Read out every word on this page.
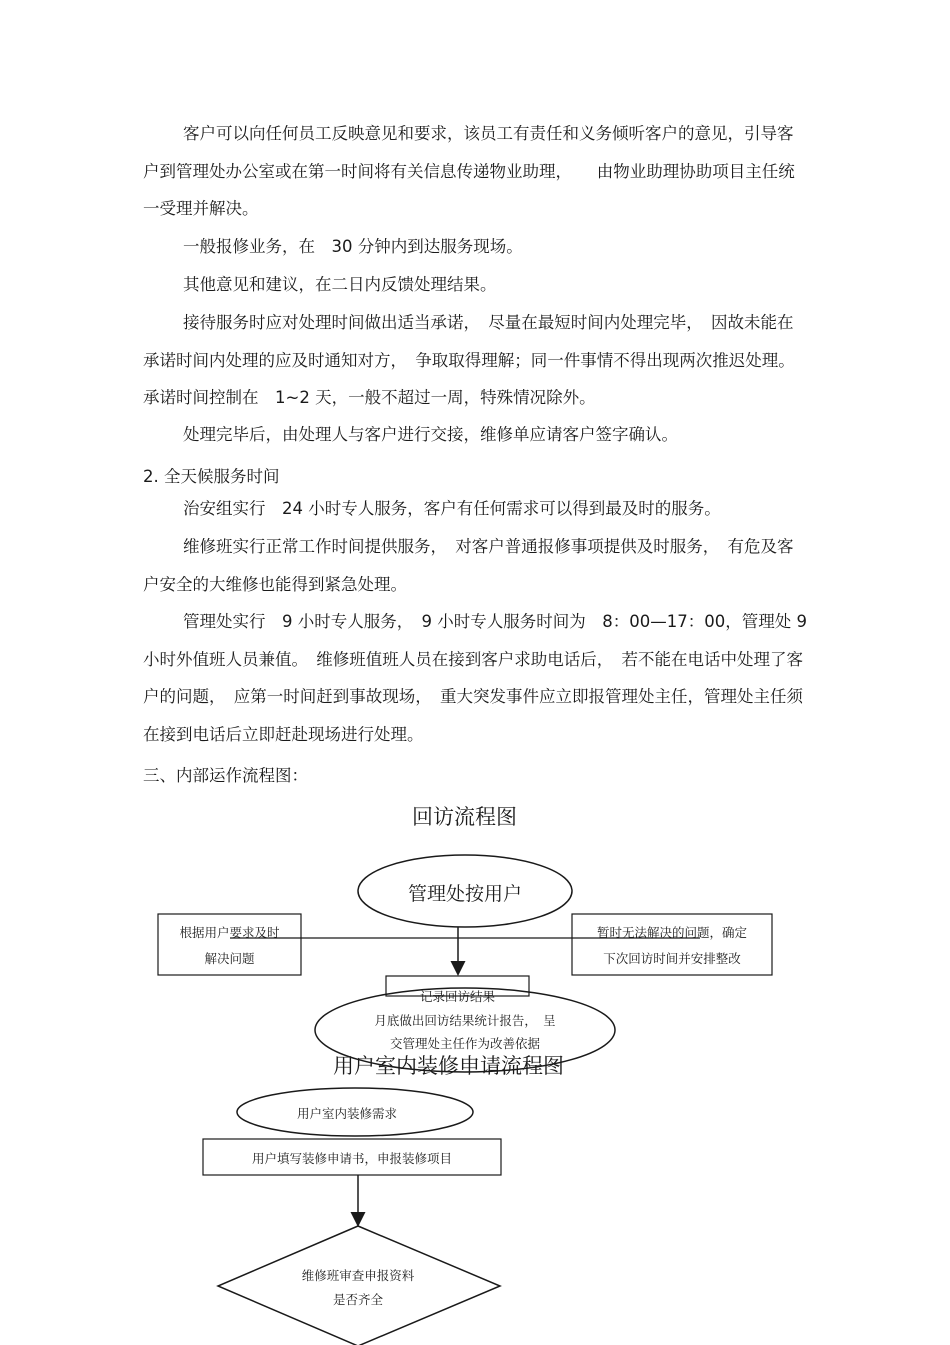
客户可以向任何员工反映意见和要求，该员工有责任和义务倾听客户的意见，引导客户到管理处办公室或在第一时间将有关信息传递物业助理，　　由物业助理协助项目主任统一受理并解决。

一般报修业务，在　30 分钟内到达服务现场。

其他意见和建议，在二日内反馈处理结果。

接待服务时应对处理时间做出适当承诺，　尽量在最短时间内处理完毕，　因故未能在承诺时间内处理的应及时通知对方，　争取取得理解；同一件事情不得出现两次推迟处理。承诺时间控制在　1~2 天，一般不超过一周，特殊情况除外。

处理完毕后，由处理人与客户进行交接，维修单应请客户签字确认。

2. 全天候服务时间

治安组实行　24 小时专人服务，客户有任何需求可以得到最及时的服务。

维修班实行正常工作时间提供服务，　对客户普通报修事项提供及时服务，　有危及客户安全的大维修也能得到紧急处理。

管理处实行　9 小时专人服务，　9 小时专人服务时间为　8：00—17：00，管理处 9 小时外值班人员兼值。　维修班值班人员在接到客户求助电话后，　若不能在电话中处理了客户的问题，　应第一时间赶到事故现场，　重大突发事件应立即报管理处主任，管理处主任须在接到电话后立即赶赴现场进行处理。

三、内部运作流程图：

回访流程图
管理处按用户
根据用户要求及时
解决问题
暂时无法解决的问题，确定
下次回访时间并安排整改
记录回访结果
月底做出回访结果统计报告，　呈
交管理处主任作为改善依据
用户室内装修申请流程图
用户室内装修需求
用户填写装修申请书，申报装修项目
维修班审查申报资料
是否齐全
